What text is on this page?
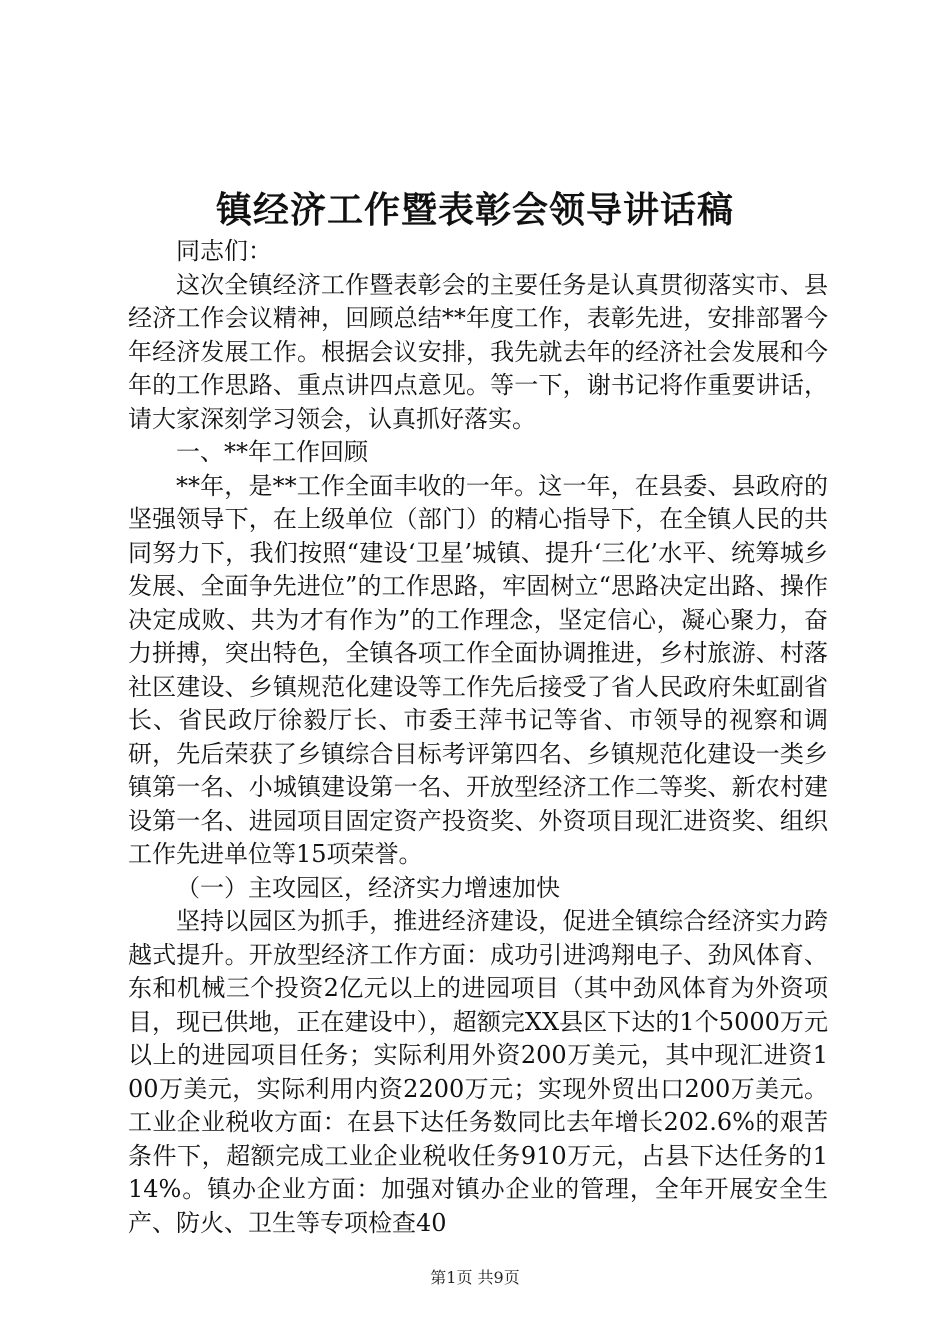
镇经济工作暨表彰会领导讲话稿

同志们：

这次全镇经济工作暨表彰会的主要任务是认真贯彻落实市、县经济工作会议精神，回顾总结**年度工作，表彰先进，安排部署今年经济发展工作。根据会议安排，我先就去年的经济社会发展和今年的工作思路、重点讲四点意见。等一下，谢书记将作重要讲话，请大家深刻学习领会，认真抓好落实。

一、**年工作回顾

**年，是**工作全面丰收的一年。这一年，在县委、县政府的坚强领导下，在上级单位（部门）的精心指导下，在全镇人民的共同努力下，我们按照“建设‘卫星’城镇、提升‘三化’水平、统筹城乡发展、全面争先进位”的工作思路，牢固树立“思路决定出路、操作决定成败、共为才有作为”的工作理念，坚定信心，凝心聚力，奋力拼搏，突出特色，全镇各项工作全面协调推进，乡村旅游、村落社区建设、乡镇规范化建设等工作先后接受了省人民政府朱虹副省长、省民政厅徐毅厅长、市委王萍书记等省、市领导的视察和调研，先后荣获了乡镇综合目标考评第四名、乡镇规范化建设一类乡镇第一名、小城镇建设第一名、开放型经济工作二等奖、新农村建设第一名、进园项目固定资产投资奖、外资项目现汇进资奖、组织工作先进单位等15项荣誉。

（一）主攻园区，经济实力增速加快

坚持以园区为抓手，推进经济建设，促进全镇综合经济实力跨越式提升。开放型经济工作方面：成功引进鸿翔电子、劲风体育、东和机械三个投资2亿元以上的进园项目（其中劲风体育为外资项目，现已供地，正在建设中），超额完XX县区下达的1个5000万元以上的进园项目任务；实际利用外资200万美元，其中现汇进资100万美元，实际利用内资2200万元；实现外贸出口200万美元。工业企业税收方面：在县下达任务数同比去年增长202.6%的艰苦条件下，超额完成工业企业税收任务910万元，占县下达任务的114%。镇办企业方面：加强对镇办企业的管理，全年开展安全生产、防火、卫生等专项检查40

第1页 共9页
